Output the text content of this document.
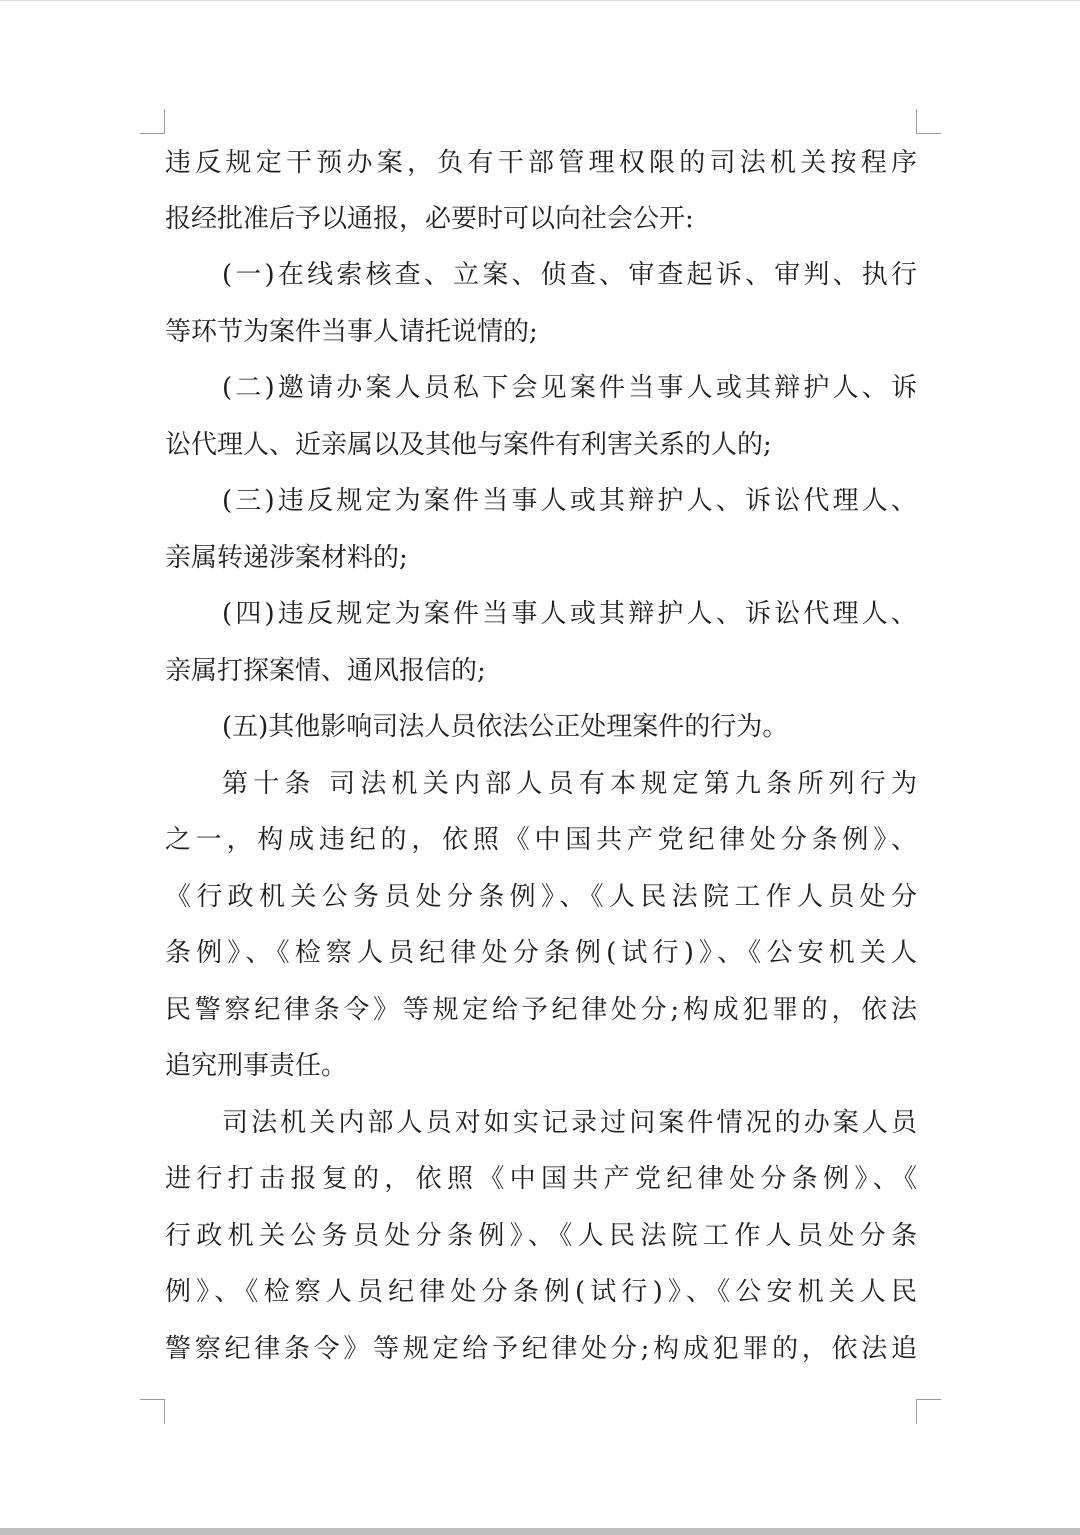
违反规定干预办案，负有干部管理权限的司法机关按程序
报经批准后予以通报，必要时可以向社会公开:
(一)在线索核查、立案、侦查、审查起诉、审判、执行
等环节为案件当事人请托说情的;
(二)邀请办案人员私下会见案件当事人或其辩护人、诉
讼代理人、近亲属以及其他与案件有利害关系的人的;
(三)违反规定为案件当事人或其辩护人、诉讼代理人、
亲属转递涉案材料的;
(四)违反规定为案件当事人或其辩护人、诉讼代理人、
亲属打探案情、通风报信的;
(五)其他影响司法人员依法公正处理案件的行为。
第十条 司法机关内部人员有本规定第九条所列行为
之一，构成违纪的，依照《中国共产党纪律处分条例》、
《行政机关公务员处分条例》、《人民法院工作人员处分
条例》、《检察人员纪律处分条例(试行)》、《公安机关人
民警察纪律条令》等规定给予纪律处分;构成犯罪的，依法
追究刑事责任。
司法机关内部人员对如实记录过问案件情况的办案人员
进行打击报复的，依照《中国共产党纪律处分条例》、《
行政机关公务员处分条例》、《人民法院工作人员处分条
例》、《检察人员纪律处分条例(试行)》、《公安机关人民
警察纪律条令》等规定给予纪律处分;构成犯罪的，依法追
